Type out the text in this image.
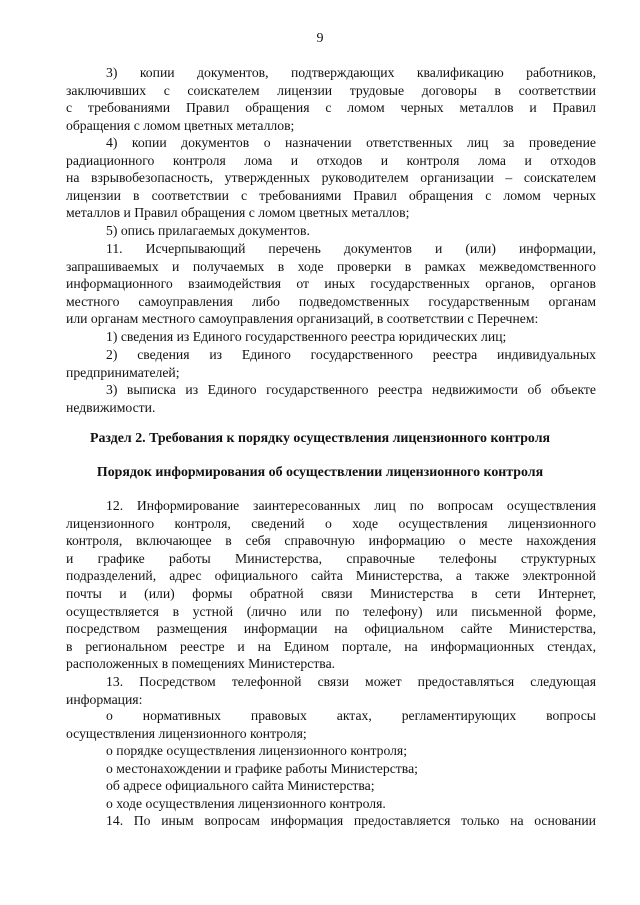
9
3) копии документов, подтверждающих квалификацию работников,
заключивших с соискателем лицензии трудовые договоры в соответствии
с требованиями Правил обращения с ломом черных металлов и Правил
обращения с ломом цветных металлов;
4) копии документов о назначении ответственных лиц за проведение
радиационного контроля лома и отходов и контроля лома и отходов
на взрывобезопасность, утвержденных руководителем организации – соискателем
лицензии в соответствии с требованиями Правил обращения с ломом черных
металлов и Правил обращения с ломом цветных металлов;
5) опись прилагаемых документов.
11. Исчерпывающий перечень документов и (или) информации,
запрашиваемых и получаемых в ходе проверки в рамках межведомственного
информационного взаимодействия от иных государственных органов, органов
местного самоуправления либо подведомственных государственным органам
или органам местного самоуправления организаций, в соответствии с Перечнем:
1) сведения из Единого государственного реестра юридических лиц;
2) сведения из Единого государственного реестра индивидуальных
предпринимателей;
3) выписка из Единого государственного реестра недвижимости об объекте
недвижимости.
Раздел 2. Требования к порядку осуществления лицензионного контроля
Порядок информирования об осуществлении лицензионного контроля
12. Информирование заинтересованных лиц по вопросам осуществления
лицензионного контроля, сведений о ходе осуществления лицензионного
контроля, включающее в себя справочную информацию о месте нахождения
и графике работы Министерства, справочные телефоны структурных
подразделений, адрес официального сайта Министерства, а также электронной
почты и (или) формы обратной связи Министерства в сети Интернет,
осуществляется в устной (лично или по телефону) или письменной форме,
посредством размещения информации на официальном сайте Министерства,
в региональном реестре и на Едином портале, на информационных стендах,
расположенных в помещениях Министерства.
13. Посредством телефонной связи может предоставляться следующая
информация:
о нормативных правовых актах, регламентирующих вопросы
осуществления лицензионного контроля;
о порядке осуществления лицензионного контроля;
о местонахождении и графике работы Министерства;
об адресе официального сайта Министерства;
о ходе осуществления лицензионного контроля.
14. По иным вопросам информация предоставляется только на основании
